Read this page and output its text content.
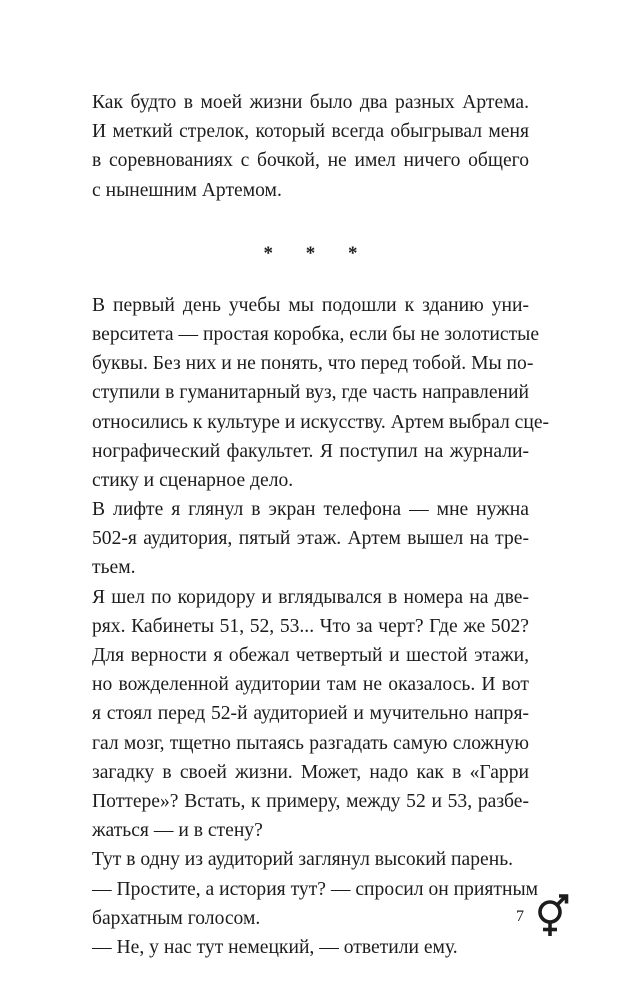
Как будто в моей жизни было два разных Артема.
И меткий стрелок, который всегда обыгрывал меня
в соревнованиях с бочкой, не имел ничего общего
с нынешним Артемом.
* * *
В первый день учебы мы подошли к зданию уни-
верситета — простая коробка, если бы не золотистые
буквы. Без них и не понять, что перед тобой. Мы по-
ступили в гуманитарный вуз, где часть направлений
относились к культуре и искусству. Артем выбрал сце-
нографический факультет. Я поступил на журнали-
стику и сценарное дело.
В лифте я глянул в экран телефона — мне нужна
502-я аудитория, пятый этаж. Артем вышел на тре-
тьем.
Я шел по коридору и вглядывался в номера на две-
рях. Кабинеты 51, 52, 53... Что за черт? Где же 502?
Для верности я обежал четвертый и шестой этажи,
но вожделенной аудитории там не оказалось. И вот
я стоял перед 52-й аудиторией и мучительно напря-
гал мозг, тщетно пытаясь разгадать самую сложную
загадку в своей жизни. Может, надо как в «Гарри
Поттере»? Встать, к примеру, между 52 и 53, разбе-
жаться — и в стену?
Тут в одну из аудиторий заглянул высокий парень.
— Простите, а история тут? — спросил он приятным
бархатным голосом.
— Не, у нас тут немецкий, — ответили ему.
7
